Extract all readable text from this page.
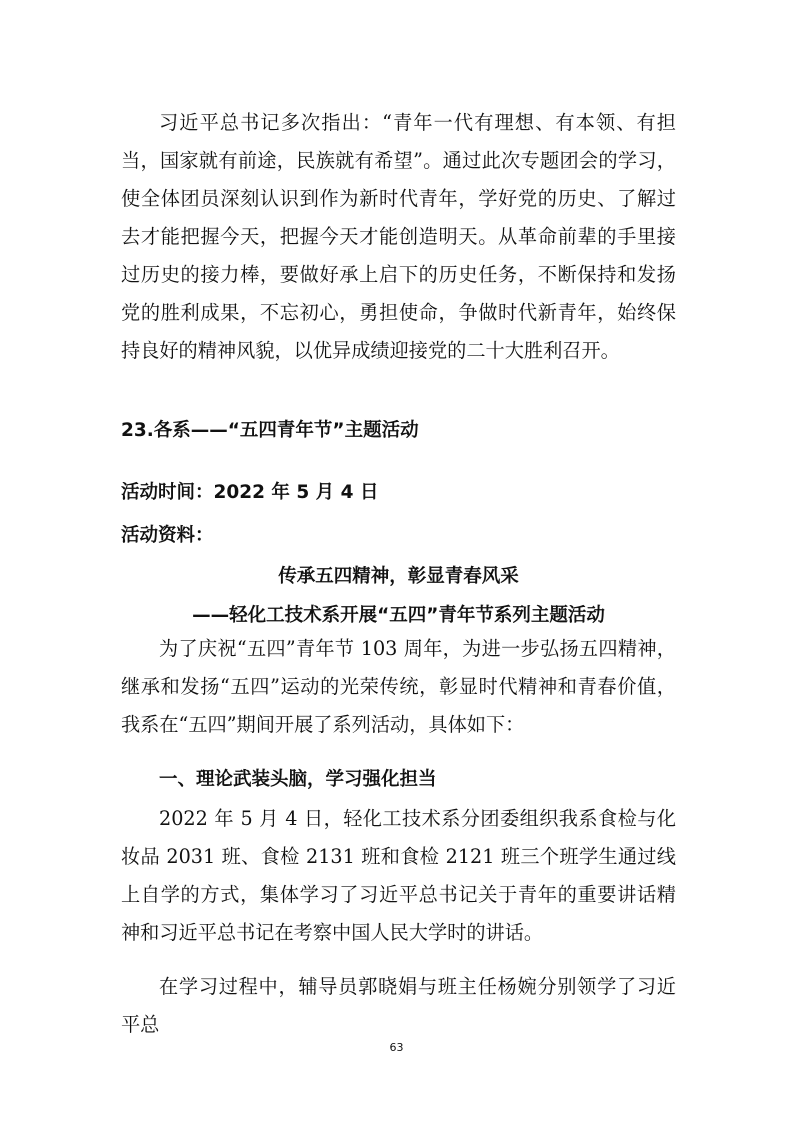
习近平总书记多次指出：“青年一代有理想、有本领、有担当，国家就有前途，民族就有希望”。通过此次专题团会的学习，使全体团员深刻认识到作为新时代青年，学好党的历史、了解过去才能把握今天，把握今天才能创造明天。从革命前辈的手里接过历史的接力棒，要做好承上启下的历史任务，不断保持和发扬党的胜利成果，不忘初心，勇担使命，争做时代新青年，始终保持良好的精神风貌，以优异成绩迎接党的二十大胜利召开。

23.各系——“五四青年节”主题活动

活动时间：2022 年 5 月 4 日

活动资料：

传承五四精神，彰显青春风采

——轻化工技术系开展“五四”青年节系列主题活动

为了庆祝“五四”青年节 103 周年，为进一步弘扬五四精神，继承和发扬“五四”运动的光荣传统，彰显时代精神和青春价值，我系在“五四”期间开展了系列活动，具体如下：

一、理论武装头脑，学习强化担当

2022 年 5 月 4 日，轻化工技术系分团委组织我系食检与化妆品 2031 班、食检 2131 班和食检 2121 班三个班学生通过线上自学的方式，集体学习了习近平总书记关于青年的重要讲话精神和习近平总书记在考察中国人民大学时的讲话。

在学习过程中，辅导员郭晓娟与班主任杨婉分别领学了习近平总

63
